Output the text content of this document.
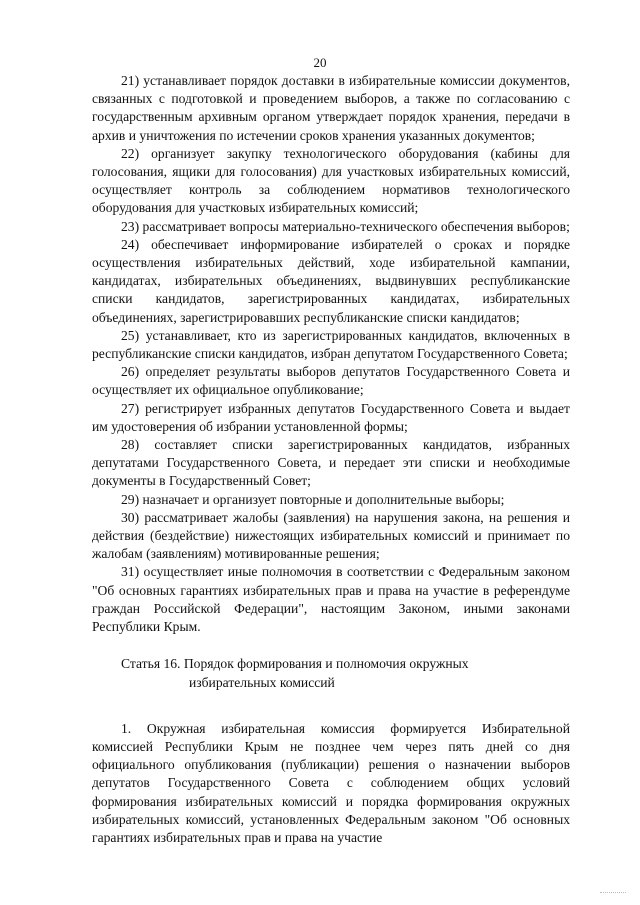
20

21) устанавливает порядок доставки в избирательные комиссии документов, связанных с подготовкой и проведением выборов, а также по согласованию с государственным архивным органом утверждает порядок хранения, передачи в архив и уничтожения по истечении сроков хранения указанных документов;

22) организует закупку технологического оборудования (кабины для голосования, ящики для голосования) для участковых избирательных комиссий, осуществляет контроль за соблюдением нормативов технологического оборудования для участковых избирательных комиссий;

23) рассматривает вопросы материально-технического обеспечения выборов;

24) обеспечивает информирование избирателей о сроках и порядке осуществления избирательных действий, ходе избирательной кампании, кандидатах, избирательных объединениях, выдвинувших республиканские списки кандидатов, зарегистрированных кандидатах, избирательных объединениях, зарегистрировавших республиканские списки кандидатов;

25) устанавливает, кто из зарегистрированных кандидатов, включенных в республиканские списки кандидатов, избран депутатом Государственного Совета;

26) определяет результаты выборов депутатов Государственного Совета и осуществляет их официальное опубликование;

27) регистрирует избранных депутатов Государственного Совета и выдает им удостоверения об избрании установленной формы;

28) составляет списки зарегистрированных кандидатов, избранных депутатами Государственного Совета, и передает эти списки и необходимые документы в Государственный Совет;

29) назначает и организует повторные и дополнительные выборы;

30) рассматривает жалобы (заявления) на нарушения закона, на решения и действия (бездействие) нижестоящих избирательных комиссий и принимает по жалобам (заявлениям) мотивированные решения;

31) осуществляет иные полномочия в соответствии с Федеральным законом "Об основных гарантиях избирательных прав и права на участие в референдуме граждан Российской Федерации", настоящим Законом, иными законами Республики Крым.

Статья 16. Порядок формирования и полномочия окружных
избирательных комиссий

1. Окружная избирательная комиссия формируется Избирательной комиссией Республики Крым не позднее чем через пять дней со дня официального опубликования (публикации) решения о назначении выборов депутатов Государственного Совета с соблюдением общих условий формирования избирательных комиссий и порядка формирования окружных избирательных комиссий, установленных Федеральным законом "Об основных гарантиях избирательных прав и права на участие
